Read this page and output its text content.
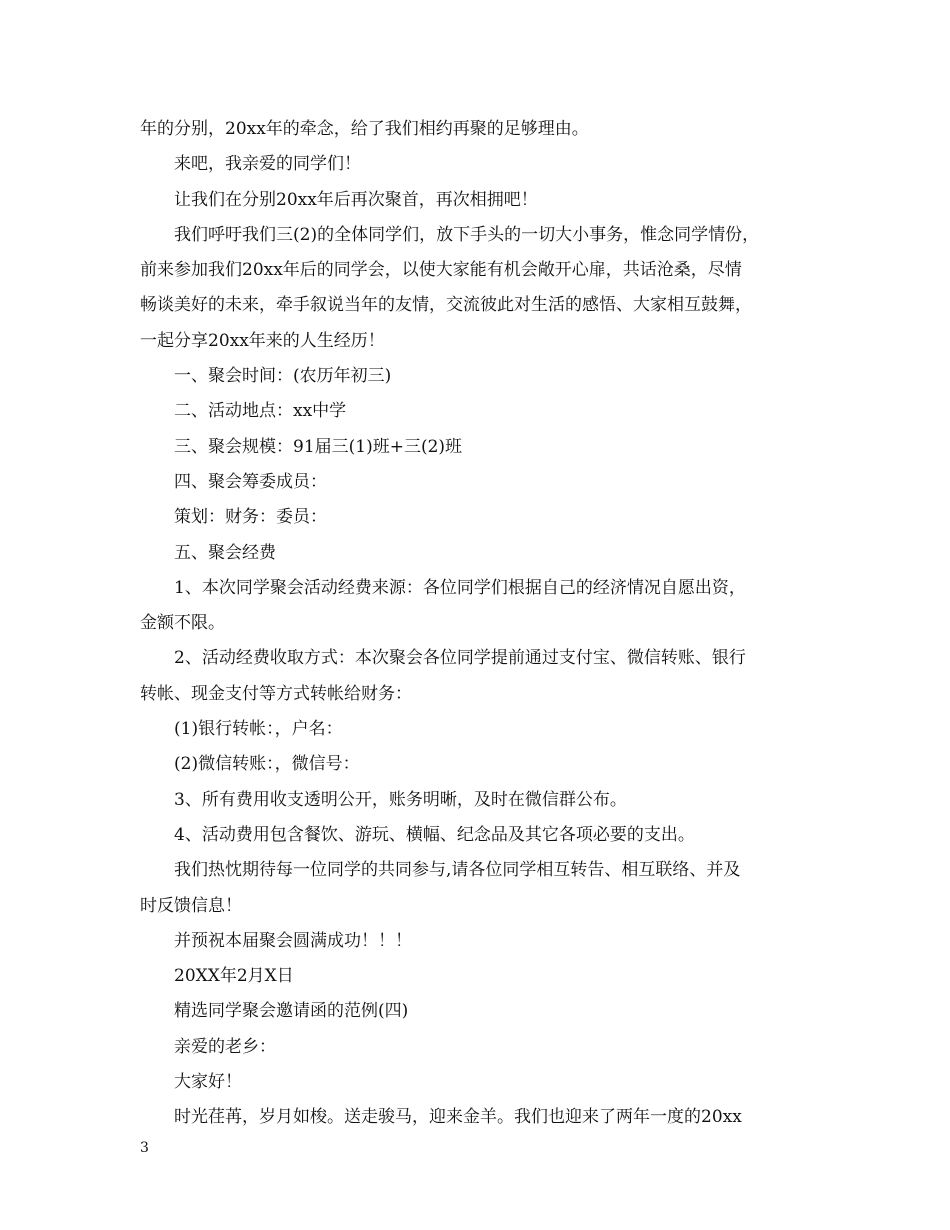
年的分别，20xx年的牵念，给了我们相约再聚的足够理由。
来吧，我亲爱的同学们！
让我们在分别20xx年后再次聚首，再次相拥吧！
我们呼吁我们三(2)的全体同学们，放下手头的一切大小事务，惟念同学情份，
前来参加我们20xx年后的同学会，以使大家能有机会敞开心扉，共话沧桑，尽情
畅谈美好的未来，牵手叙说当年的友情，交流彼此对生活的感悟、大家相互鼓舞，
一起分享20xx年来的人生经历！
一、聚会时间：(农历年初三)
二、活动地点：xx中学
三、聚会规模：91届三(1)班+三(2)班
四、聚会筹委成员：
策划：财务：委员：
五、聚会经费
1、本次同学聚会活动经费来源：各位同学们根据自己的经济情况自愿出资，
金额不限。
2、活动经费收取方式：本次聚会各位同学提前通过支付宝、微信转账、银行
转帐、现金支付等方式转帐给财务：
(1)银行转帐：，户名：
(2)微信转账：，微信号：
3、所有费用收支透明公开，账务明晰，及时在微信群公布。
4、活动费用包含餐饮、游玩、横幅、纪念品及其它各项必要的支出。
我们热忱期待每一位同学的共同参与,请各位同学相互转告、相互联络、并及
时反馈信息！
并预祝本届聚会圆满成功！！！
20XX年2月X日
精选同学聚会邀请函的范例(四)
亲爱的老乡：
大家好！
时光荏苒，岁月如梭。送走骏马，迎来金羊。我们也迎来了两年一度的20xx
3
